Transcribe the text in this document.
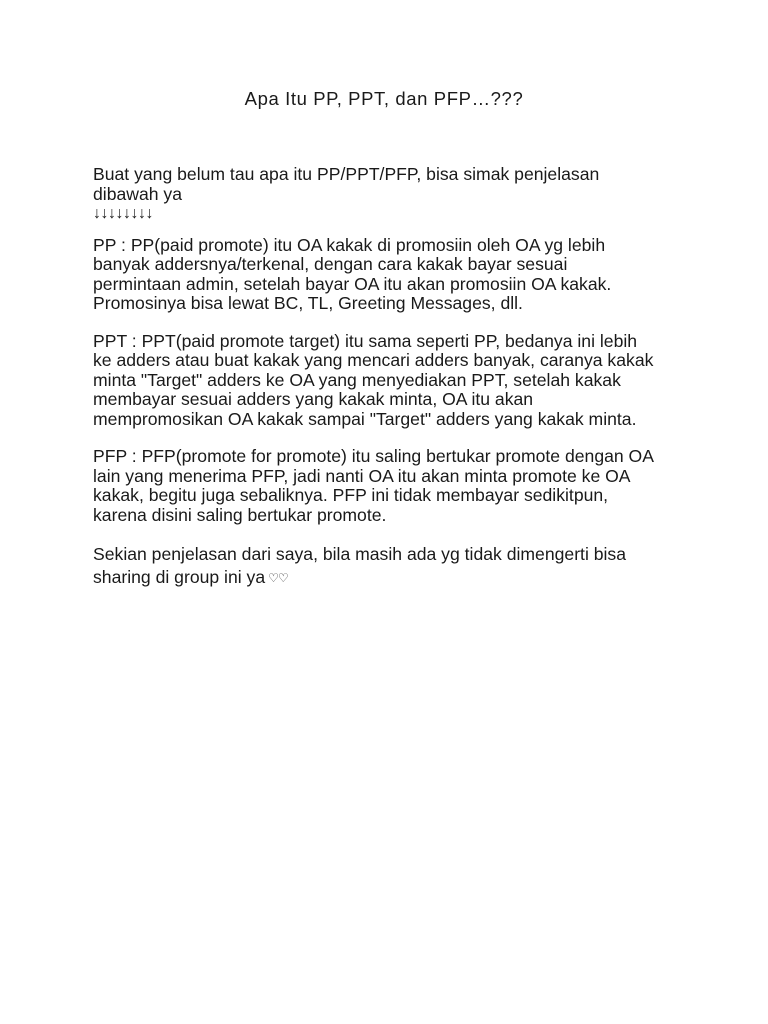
Apa Itu PP, PPT, dan PFP…???

Buat yang belum tau apa itu PP/PPT/PFP, bisa simak penjelasan
dibawah ya
↓↓↓↓↓↓↓↓

PP : PP(paid promote) itu OA kakak di promosiin oleh OA yg lebih
banyak addersnya/terkenal, dengan cara kakak bayar sesuai
permintaan admin, setelah bayar OA itu akan promosiin OA kakak.
Promosinya bisa lewat BC, TL, Greeting Messages, dll.

PPT : PPT(paid promote target) itu sama seperti PP, bedanya ini lebih
ke adders atau buat kakak yang mencari adders banyak, caranya kakak
minta "Target" adders ke OA yang menyediakan PPT, setelah kakak
membayar sesuai adders yang kakak minta, OA itu akan
mempromosikan OA kakak sampai "Target" adders yang kakak minta.

PFP : PFP(promote for promote) itu saling bertukar promote dengan OA
lain yang menerima PFP, jadi nanti OA itu akan minta promote ke OA
kakak, begitu juga sebaliknya. PFP ini tidak membayar sedikitpun,
karena disini saling bertukar promote.

Sekian penjelasan dari saya, bila masih ada yg tidak dimengerti bisa
sharing di group ini ya ♡♡
